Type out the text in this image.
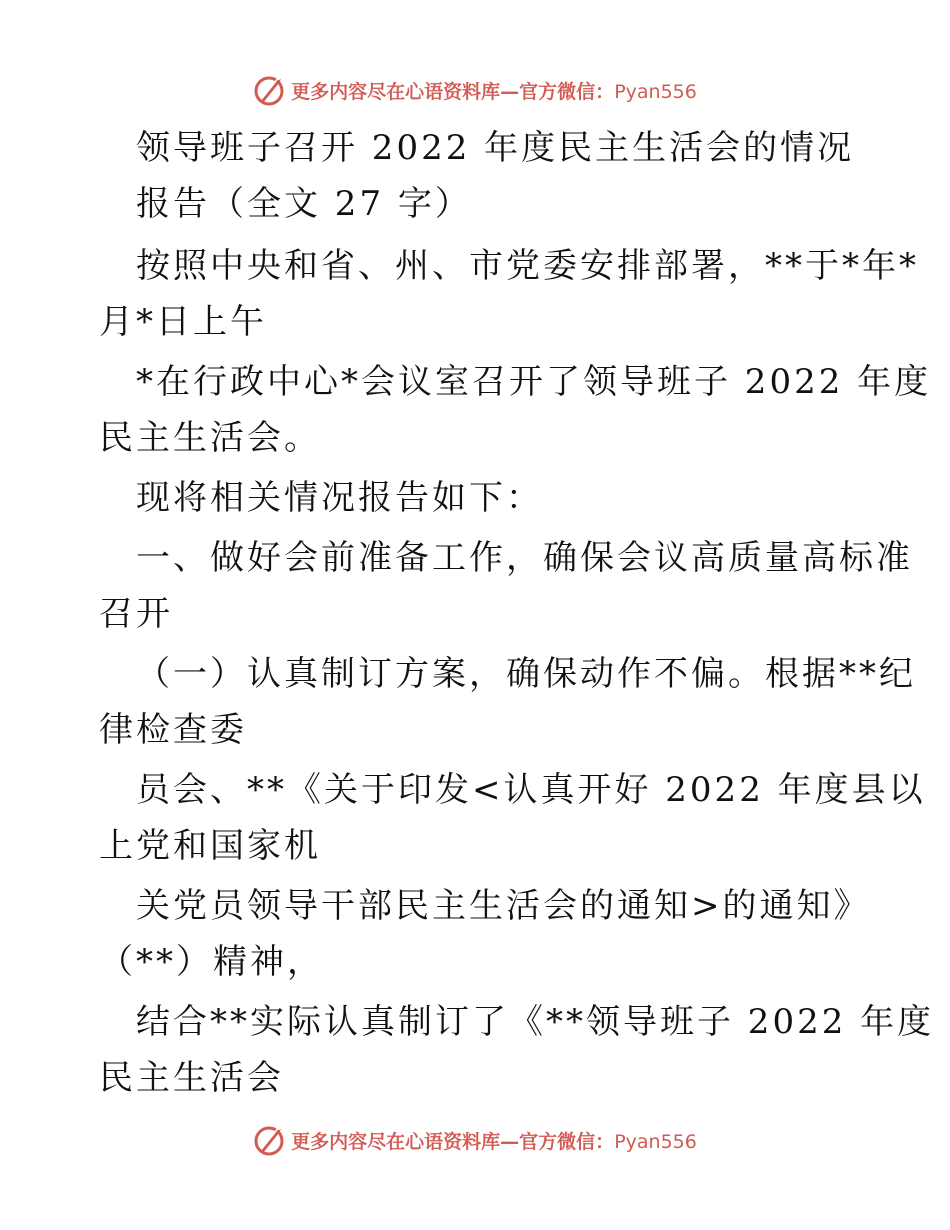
更多内容尽在心语资料库—官方微信：Pyan556
领导班子召开 2022 年度民主生活会的情况
报告（全文 27 字）
按照中央和省、州、市党委安排部署，**于*年*
月*日上午
*在行政中心*会议室召开了领导班子 2022 年度
民主生活会。
现将相关情况报告如下：
一、做好会前准备工作，确保会议高质量高标准
召开
（一）认真制订方案，确保动作不偏。根据**纪
律检查委
员会、**《关于印发<认真开好 2022 年度县以
上党和国家机
关党员领导干部民主生活会的通知>的通知》
（**）精神，
结合**实际认真制订了《**领导班子 2022 年度
民主生活会
更多内容尽在心语资料库—官方微信：Pyan556
